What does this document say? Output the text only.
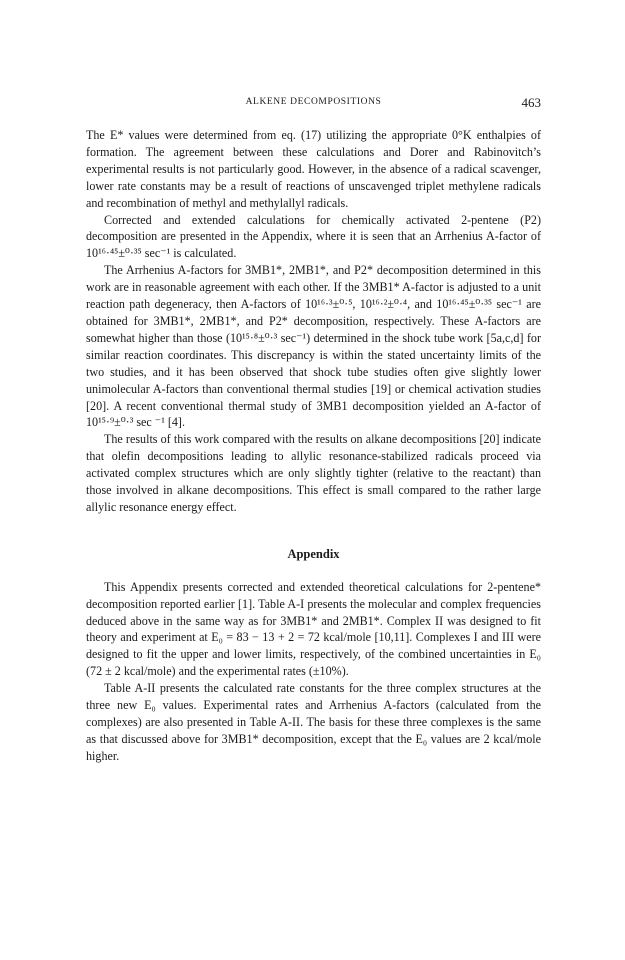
ALKENE DECOMPOSITIONS	463

The E* values were determined from eq. (17) utilizing the appropriate 0°K enthalpies of formation. The agreement between these calculations and Dorer and Rabinovitch’s experimental results is not particularly good. However, in the absence of a radical scavenger, lower rate constants may be a result of reactions of unscavenged triplet methylene radicals and recombination of methyl and methylallyl radicals.

Corrected and extended calculations for chemically activated 2-pentene (P2) decomposition are presented in the Appendix, where it is seen that an Arrhenius A-factor of 10¹⁶·⁴⁵±⁰·³⁵ sec⁻¹ is calculated.

The Arrhenius A-factors for 3MB1*, 2MB1*, and P2* decomposition determined in this work are in reasonable agreement with each other. If the 3MB1* A-factor is adjusted to a unit reaction path degeneracy, then A-factors of 10¹⁶·³±⁰·⁵, 10¹⁶·²±⁰·⁴, and 10¹⁶·⁴⁵±⁰·³⁵ sec⁻¹ are obtained for 3MB1*, 2MB1*, and P2* decomposition, respectively. These A-factors are somewhat higher than those (10¹⁵·⁸±⁰·³ sec⁻¹) determined in the shock tube work [5a,c,d] for similar reaction coordinates. This discrepancy is within the stated uncertainty limits of the two studies, and it has been observed that shock tube studies often give slightly lower unimolecular A-factors than conventional thermal studies [19] or chemical activation studies [20]. A recent conventional thermal study of 3MB1 decomposition yielded an A-factor of 10¹⁵·⁹±⁰·³ sec ⁻¹ [4].

The results of this work compared with the results on alkane decompositions [20] indicate that olefin decompositions leading to allylic resonance-stabilized radicals proceed via activated complex structures which are only slightly tighter (relative to the reactant) than those involved in alkane decompositions. This effect is small compared to the rather large allylic resonance energy effect.

Appendix

This Appendix presents corrected and extended theoretical calculations for 2-pentene* decomposition reported earlier [1]. Table A-I presents the molecular and complex frequencies deduced above in the same way as for 3MB1* and 2MB1*. Complex II was designed to fit theory and experiment at E₀ = 83 − 13 + 2 = 72 kcal/mole [10,11]. Complexes I and III were designed to fit the upper and lower limits, respectively, of the combined uncertainties in E₀ (72 ± 2 kcal/mole) and the experimental rates (±10%).

Table A-II presents the calculated rate constants for the three complex structures at the three new E₀ values. Experimental rates and Arrhenius A-factors (calculated from the complexes) are also presented in Table A-II. The basis for these three complexes is the same as that discussed above for 3MB1* decomposition, except that the E₀ values are 2 kcal/mole higher.
